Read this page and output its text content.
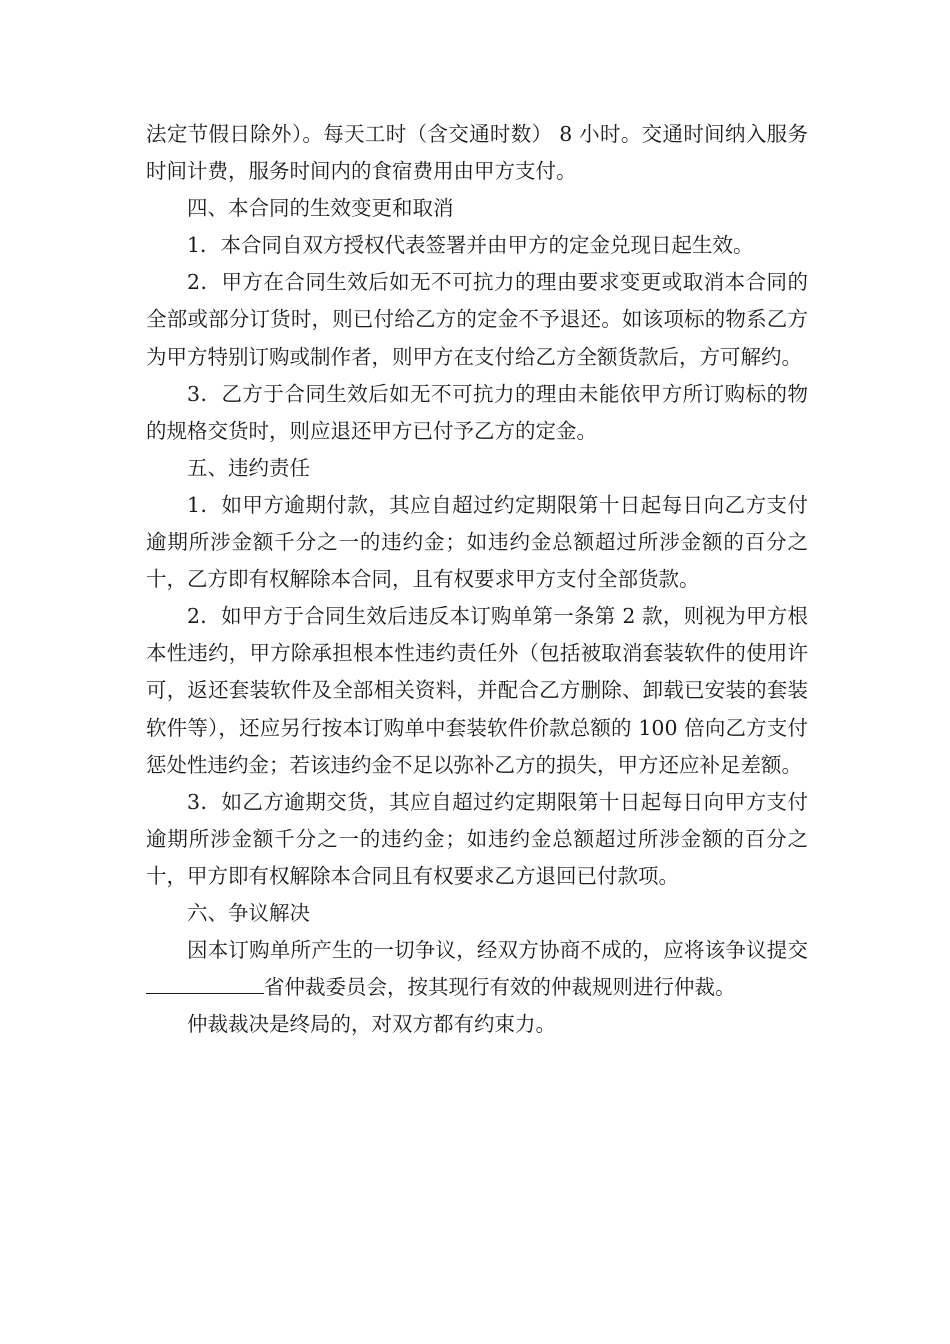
法定节假日除外）。每天工时（含交通时数） 8 小时。交通时间纳入服务时间计费，服务时间内的食宿费用由甲方支付。

四、本合同的生效变更和取消

1．本合同自双方授权代表签署并由甲方的定金兑现日起生效。

2．甲方在合同生效后如无不可抗力的理由要求变更或取消本合同的全部或部分订货时，则已付给乙方的定金不予退还。如该项标的物系乙方为甲方特别订购或制作者，则甲方在支付给乙方全额货款后，方可解约。

3．乙方于合同生效后如无不可抗力的理由未能依甲方所订购标的物的规格交货时，则应退还甲方已付予乙方的定金。

五、违约责任

1．如甲方逾期付款，其应自超过约定期限第十日起每日向乙方支付逾期所涉金额千分之一的违约金；如违约金总额超过所涉金额的百分之十，乙方即有权解除本合同，且有权要求甲方支付全部货款。

2．如甲方于合同生效后违反本订购单第一条第 2 款，则视为甲方根本性违约，甲方除承担根本性违约责任外（包括被取消套装软件的使用许可，返还套装软件及全部相关资料，并配合乙方删除、卸载已安装的套装软件等），还应另行按本订购单中套装软件价款总额的 100 倍向乙方支付惩处性违约金；若该违约金不足以弥补乙方的损失，甲方还应补足差额。

3．如乙方逾期交货，其应自超过约定期限第十日起每日向甲方支付逾期所涉金额千分之一的违约金；如违约金总额超过所涉金额的百分之十，甲方即有权解除本合同且有权要求乙方退回已付款项。

六、争议解决

因本订购单所产生的一切争议，经双方协商不成的，应将该争议提交省仲裁委员会，按其现行有效的仲裁规则进行仲裁。

仲裁裁决是终局的，对双方都有约束力。
